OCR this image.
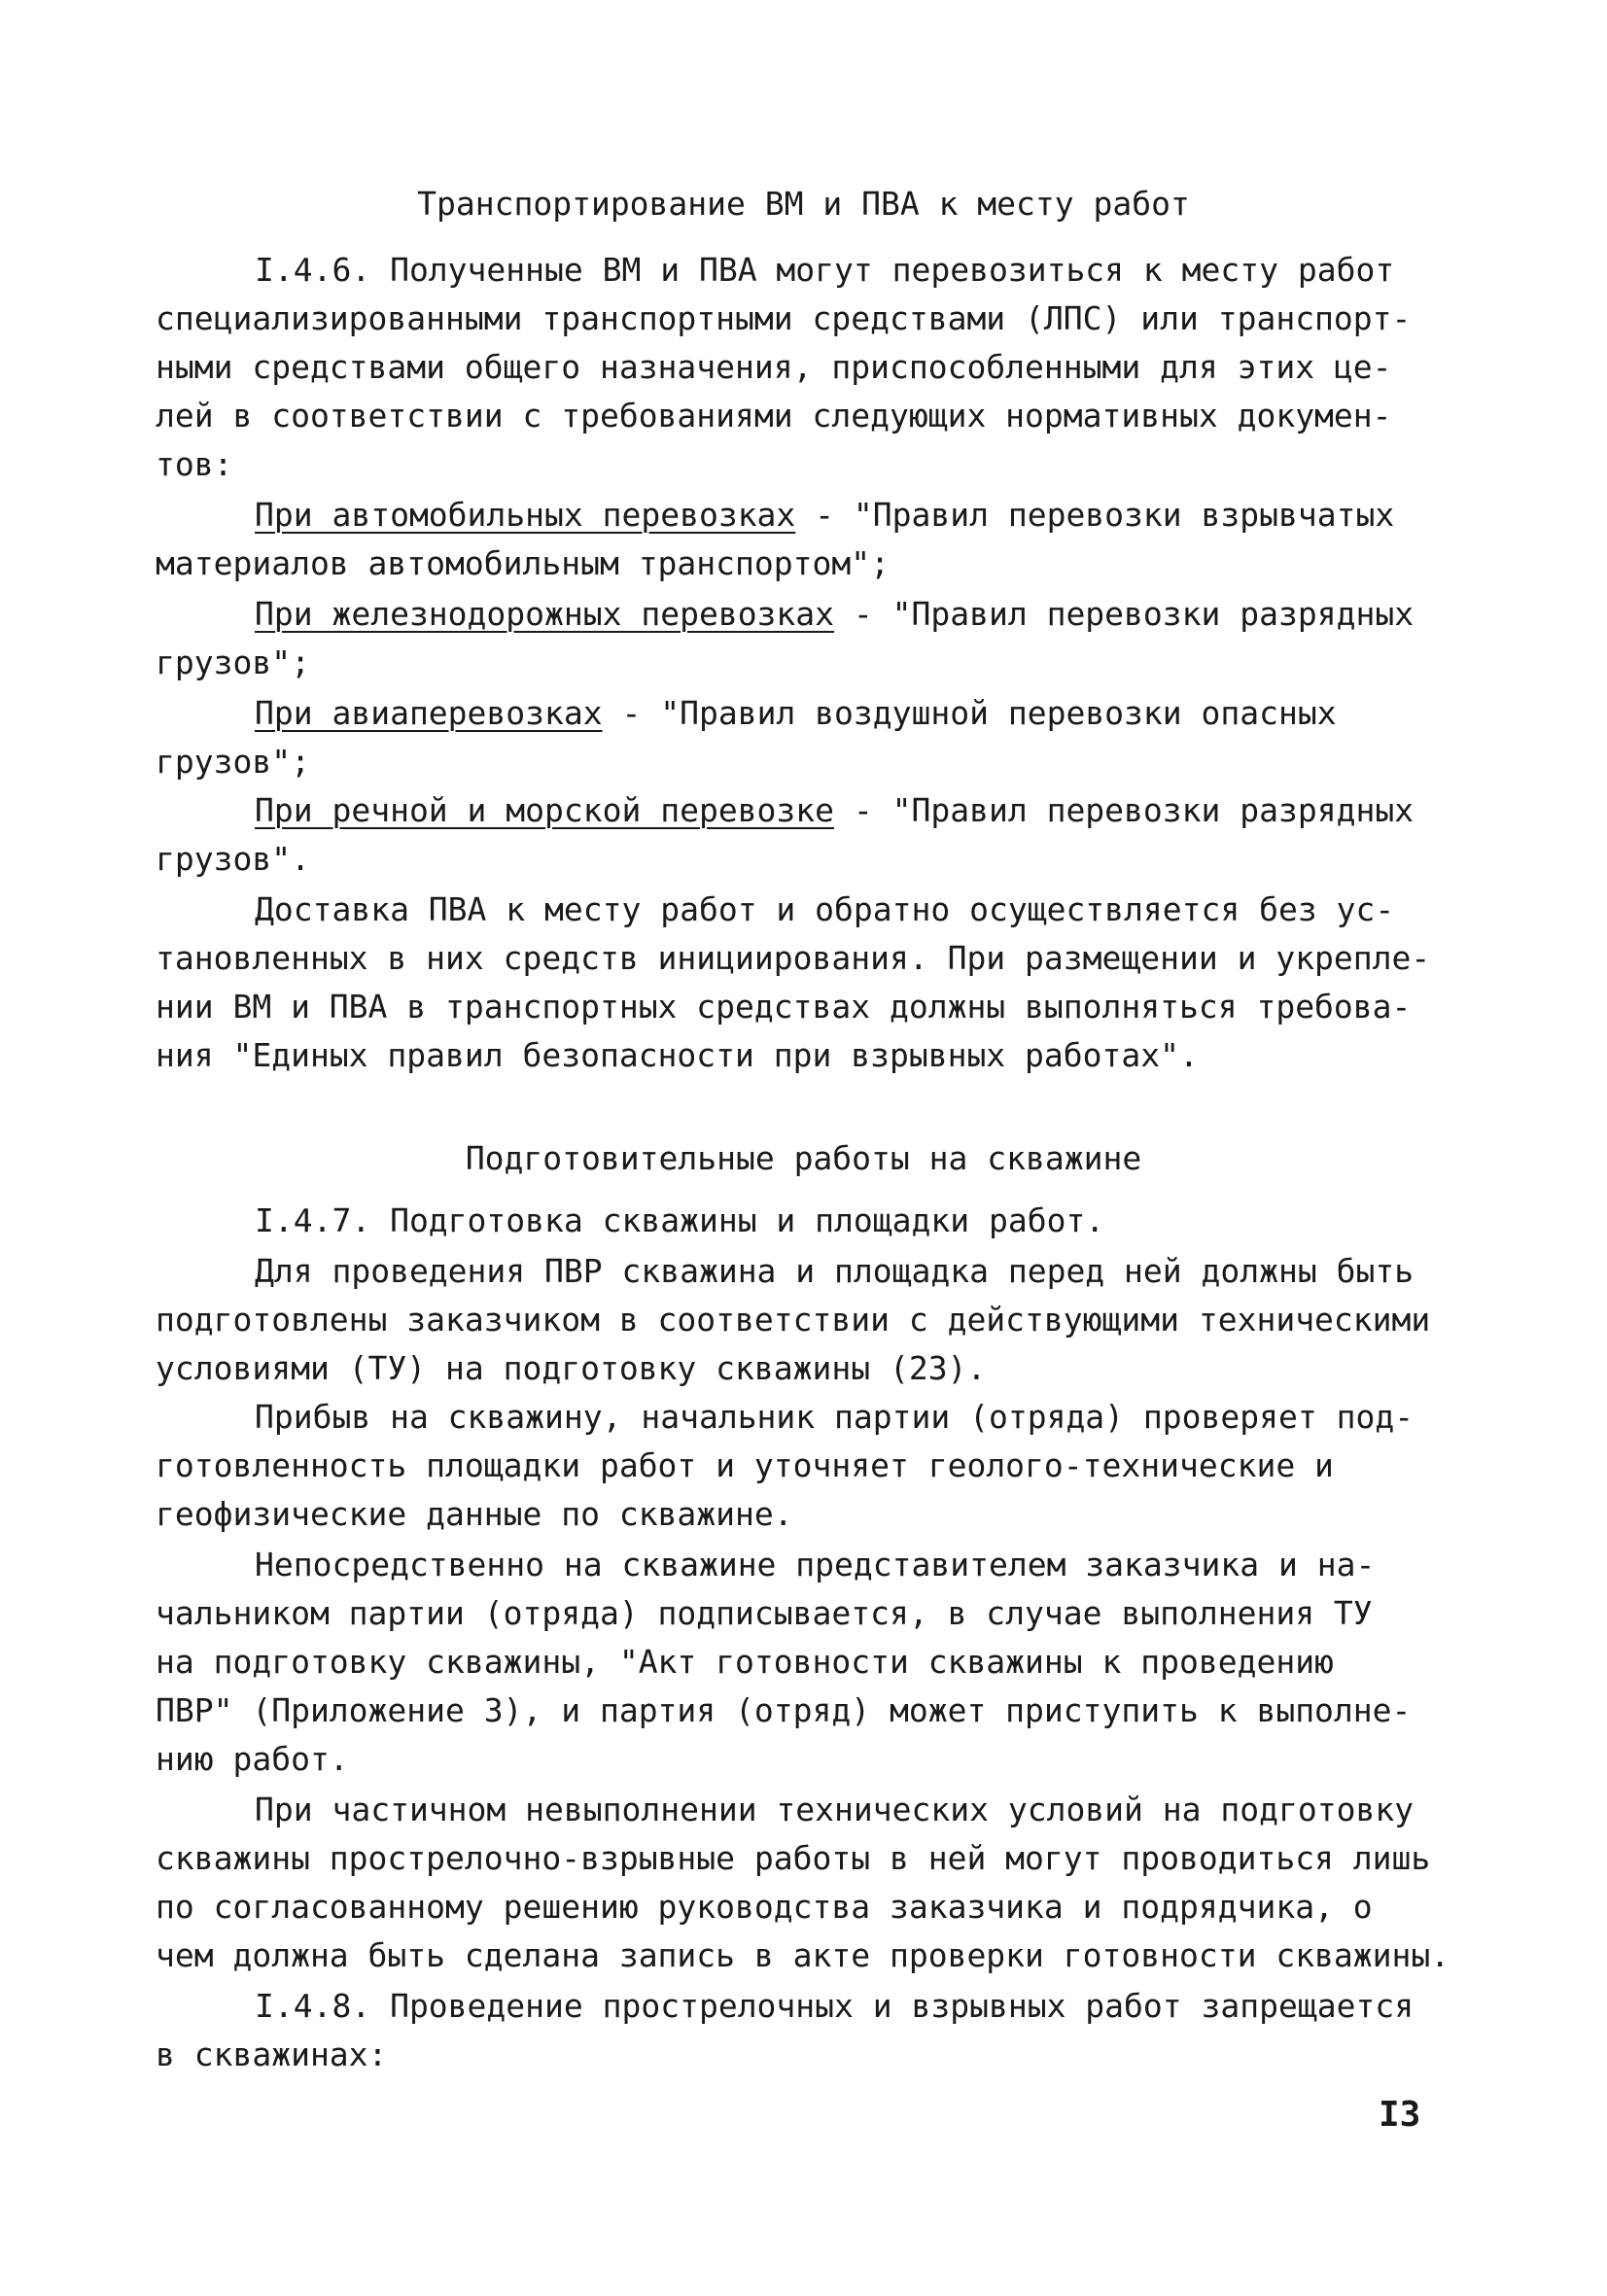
Транспортирование ВМ и ПВА к месту работ
I.4.6. Полученные ВМ и ПВА могут перевозиться к месту работ
специализированными транспортными средствами (ЛПС) или транспорт-
ными средствами общего назначения, приспособленными для этих це-
лей в соответствии с требованиями следующих нормативных докумен-
тов:
При автомобильных перевозках - "Правил перевозки взрывчатых
материалов автомобильным транспортом";
При железнодорожных перевозках - "Правил перевозки разрядных
грузов";
При авиаперевозках - "Правил воздушной перевозки опасных
грузов";
При речной и морской перевозке - "Правил перевозки разрядных
грузов".
Доставка ПВА к месту работ и обратно осуществляется без ус-
тановленных в них средств инициирования. При размещении и укрепле-
нии ВМ и ПВА в транспортных средствах должны выполняться требова-
ния "Единых правил безопасности при взрывных работах".
Подготовительные работы на скважине
I.4.7. Подготовка скважины и площадки работ.
Для проведения ПВР скважина и площадка перед ней должны быть
подготовлены заказчиком в соответствии с действующими техническими
условиями (ТУ) на подготовку скважины (23).
Прибыв на скважину, начальник партии (отряда) проверяет под-
готовленность площадки работ и уточняет геолого-технические и
геофизические данные по скважине.
Непосредственно на скважине представителем заказчика и на-
чальником партии (отряда) подписывается, в случае выполнения ТУ
на подготовку скважины, "Акт готовности скважины к проведению
ПВР" (Приложение 3), и партия (отряд) может приступить к выполне-
нию работ.
При частичном невыполнении технических условий на подготовку
скважины прострелочно-взрывные работы в ней могут проводиться лишь
по согласованному решению руководства заказчика и подрядчика, о
чем должна быть сделана запись в акте проверки готовности скважины.
I.4.8. Проведение прострелочных и взрывных работ запрещается
в скважинах:
I3
